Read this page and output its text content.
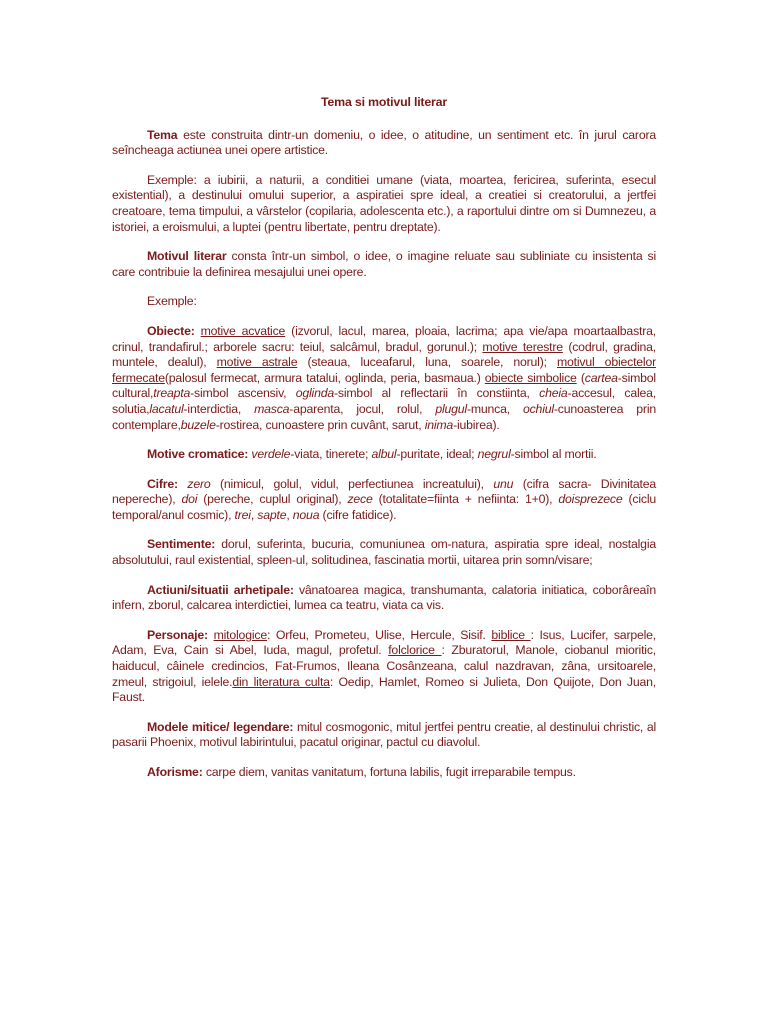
Tema si motivul literar

Tema este construita dintr-un domeniu, o idee, o atitudine, un sentiment etc. în jurul carora seîncheaga actiunea unei opere artistice.

Exemple: a iubirii, a naturii, a conditiei umane (viata, moartea, fericirea, suferinta, esecul existential), a destinului omului superior, a aspiratiei spre ideal, a creatiei si creatorului, a jertfei creatoare, tema timpului, a vârstelor (copilaria, adolescenta etc.), a raportului dintre om si Dumnezeu, a istoriei, a eroismului, a luptei (pentru libertate, pentru dreptate).

Motivul literar consta într-un simbol, o idee, o imagine reluate sau subliniate cu insistenta si care contribuie la definirea mesajului unei opere.

Exemple:

Obiecte: motive acvatice (izvorul, lacul, marea, ploaia, lacrima; apa vie/apa moartaalbastra, crinul, trandafirul.; arborele sacru: teiul, salcâmul, bradul, gorunul.); motive terestre (codrul, gradina, muntele, dealul), motive astrale (steaua, luceafarul, luna, soarele, norul); motivul obiectelor fermecate(palosul fermecat, armura tatalui, oglinda, peria, basmaua.) obiecte simbolice (cartea-simbol cultural,treapta-simbol ascensiv, oglinda-simbol al reflectarii în constiinta, cheia-accesul, calea, solutia,lacatul-interdictia, masca-aparenta, jocul, rolul, plugul-munca, ochiul-cunoasterea prin contemplare,buzele-rostirea, cunoastere prin cuvânt, sarut, inima-iubirea).

Motive cromatice: verdele-viata, tinerete; albul-puritate, ideal; negrul-simbol al mortii.

Cifre: zero (nimicul, golul, vidul, perfectiunea increatului), unu (cifra sacra- Divinitatea nepereche), doi (pereche, cuplul original), zece (totalitate=fiinta + nefiinta: 1+0), doisprezece (ciclu temporal/anul cosmic), trei, sapte, noua (cifre fatidice).

Sentimente: dorul, suferinta, bucuria, comuniunea om-natura, aspiratia spre ideal, nostalgia absolutului, raul existential, spleen-ul, solitudinea, fascinatia mortii, uitarea prin somn/visare;

Actiuni/situatii arhetipale: vânatoarea magica, transhumanta, calatoria initiatica, coborâreaîn infern, zborul, calcarea interdictiei, lumea ca teatru, viata ca vis.

Personaje: mitologice: Orfeu, Prometeu, Ulise, Hercule, Sisif. biblice : Isus, Lucifer, sarpele, Adam, Eva, Cain si Abel, Iuda, magul, profetul. folclorice : Zburatorul, Manole, ciobanul mioritic, haiducul, câinele credincios, Fat-Frumos, Ileana Cosânzeana, calul nazdravan, zâna, ursitoarele, zmeul, strigoiul, ielele.din literatura culta: Oedip, Hamlet, Romeo si Julieta, Don Quijote, Don Juan, Faust.

Modele mitice/ legendare: mitul cosmogonic, mitul jertfei pentru creatie, al destinului christic, al pasarii Phoenix, motivul labirintului, pacatul originar, pactul cu diavolul.

Aforisme: carpe diem, vanitas vanitatum, fortuna labilis, fugit irreparabile tempus.
